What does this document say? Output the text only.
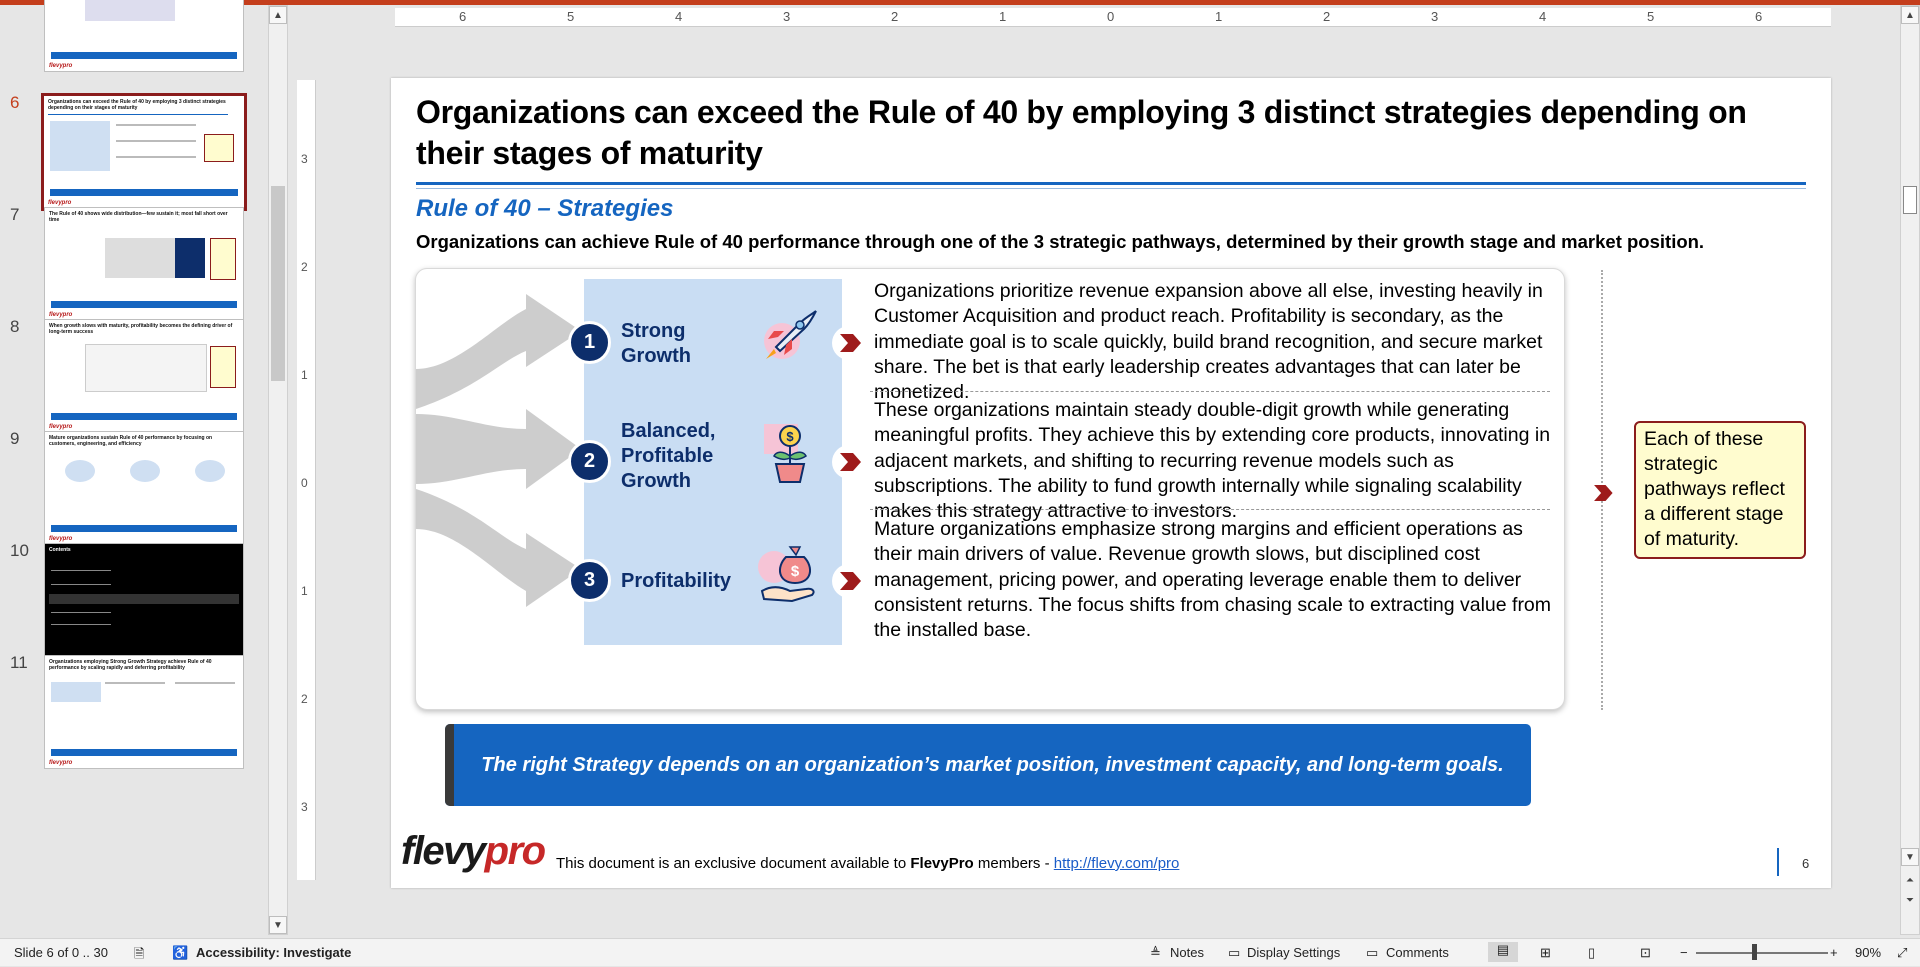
flevypro
6	Organizations can exceed the Rule of 40 by employing 3 distinct strategies depending on their stages of maturity
flevypro
7	The Rule of 40 shows wide distribution—few sustain it; most fall short over time
flevypro
8	When growth slows with maturity, profitability becomes the defining driver of long-term success
flevypro
9	Mature organizations sustain Rule of 40 performance by focusing on customers, engineering, and efficiency
flevypro
10	Contents
11	Organizations employing Strong Growth Strategy achieve Rule of 40 performance by scaling rapidly and deferring profitability
flevypro
▲
▼
6	5	4	3	2	1	0	1	2	3	4	5	6
3
2
1
0
1
2
3
Organizations can exceed the Rule of 40 by employing 3 distinct strategies depending on their stages of maturity
Rule of 40 – Strategies
Organizations can achieve Rule of 40 performance through one of the 3 strategic pathways, determined by their growth stage and market position.
1	Strong
Growth
Organizations prioritize revenue expansion above all else, investing heavily in Customer Acquisition and product reach. Profitability is secondary, as the immediate goal is to scale quickly, build brand recognition, and secure market share. The bet is that early leadership creates advantages that can later be monetized.
2
Balanced,
Profitable
Growth
$
These organizations maintain steady double-digit growth while generating meaningful profits. They achieve this by extending core products, innovating in adjacent markets, and shifting to recurring revenue models such as subscriptions. The ability to fund growth internally while signaling scalability makes this strategy attractive to investors.
3	Profitability	$
Mature organizations emphasize strong margins and efficient operations as their main drivers of value. Revenue growth slows, but disciplined cost management, pricing power, and operating leverage enable them to deliver consistent returns. The focus shifts from chasing scale to extracting value from the installed base.
Each of these strategic pathways reflect a different stage of maturity.
The right Strategy depends on an organization’s market position, investment capacity, and long-term goals.
flevypro This document is an exclusive document available to FlevyPro members - http://flevy.com/pro	6
▲
▼
⏶
⏷
Slide 6 of 0 .. 30 🗎 ♿ Accessibility: Investigate	≜ Notes ▭ Display Settings ▭ Comments	▤	⊞	▯	⊡ −	+ 90% ⤢
